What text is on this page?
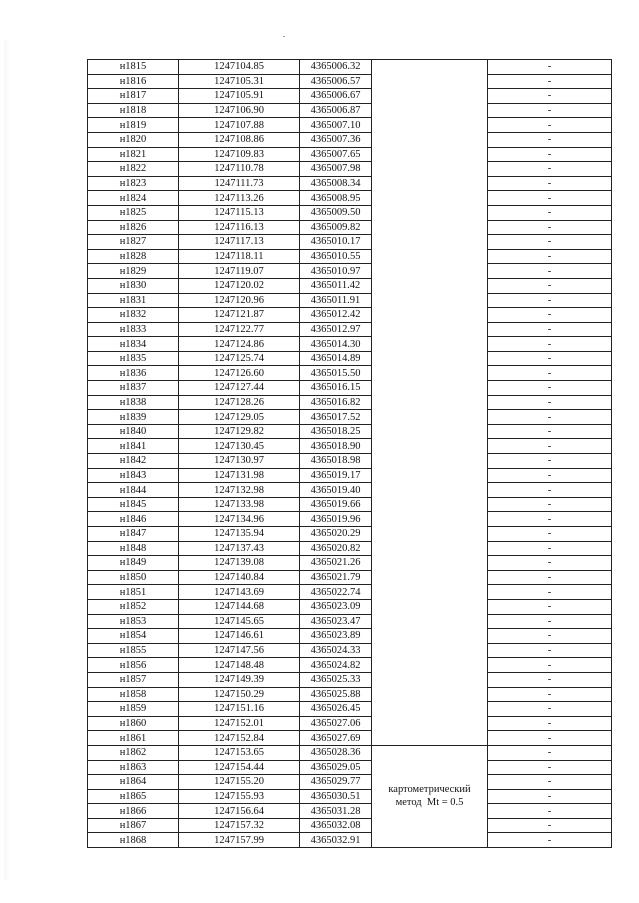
н1815	1247104.85	4365006.32		-
н1816	1247105.31	4365006.57		-
н1817	1247105.91	4365006.67		-
н1818	1247106.90	4365006.87		-
н1819	1247107.88	4365007.10		-
н1820	1247108.86	4365007.36		-
н1821	1247109.83	4365007.65		-
н1822	1247110.78	4365007.98		-
н1823	1247111.73	4365008.34		-
н1824	1247113.26	4365008.95		-
н1825	1247115.13	4365009.50		-
н1826	1247116.13	4365009.82		-
н1827	1247117.13	4365010.17		-
н1828	1247118.11	4365010.55		-
н1829	1247119.07	4365010.97		-
н1830	1247120.02	4365011.42		-
н1831	1247120.96	4365011.91		-
н1832	1247121.87	4365012.42		-
н1833	1247122.77	4365012.97		-
н1834	1247124.86	4365014.30		-
н1835	1247125.74	4365014.89		-
н1836	1247126.60	4365015.50		-
н1837	1247127.44	4365016.15		-
н1838	1247128.26	4365016.82		-
н1839	1247129.05	4365017.52		-
н1840	1247129.82	4365018.25		-
н1841	1247130.45	4365018.90		-
н1842	1247130.97	4365018.98		-
н1843	1247131.98	4365019.17		-
н1844	1247132.98	4365019.40		-
н1845	1247133.98	4365019.66		-
н1846	1247134.96	4365019.96		-
н1847	1247135.94	4365020.29		-
н1848	1247137.43	4365020.82		-
н1849	1247139.08	4365021.26		-
н1850	1247140.84	4365021.79		-
н1851	1247143.69	4365022.74		-
н1852	1247144.68	4365023.09		-
н1853	1247145.65	4365023.47		-
н1854	1247146.61	4365023.89		-
н1855	1247147.56	4365024.33		-
н1856	1247148.48	4365024.82		-
н1857	1247149.39	4365025.33		-
н1858	1247150.29	4365025.88		-
н1859	1247151.16	4365026.45		-
н1860	1247152.01	4365027.06		-
н1861	1247152.84	4365027.69		-
н1862	1247153.65	4365028.36	картометрический
метод  Mt = 0.5	-
н1863	1247154.44	4365029.05		-
н1864	1247155.20	4365029.77		-
н1865	1247155.93	4365030.51		-
н1866	1247156.64	4365031.28		-
н1867	1247157.32	4365032.08		-
н1868	1247157.99	4365032.91		-
